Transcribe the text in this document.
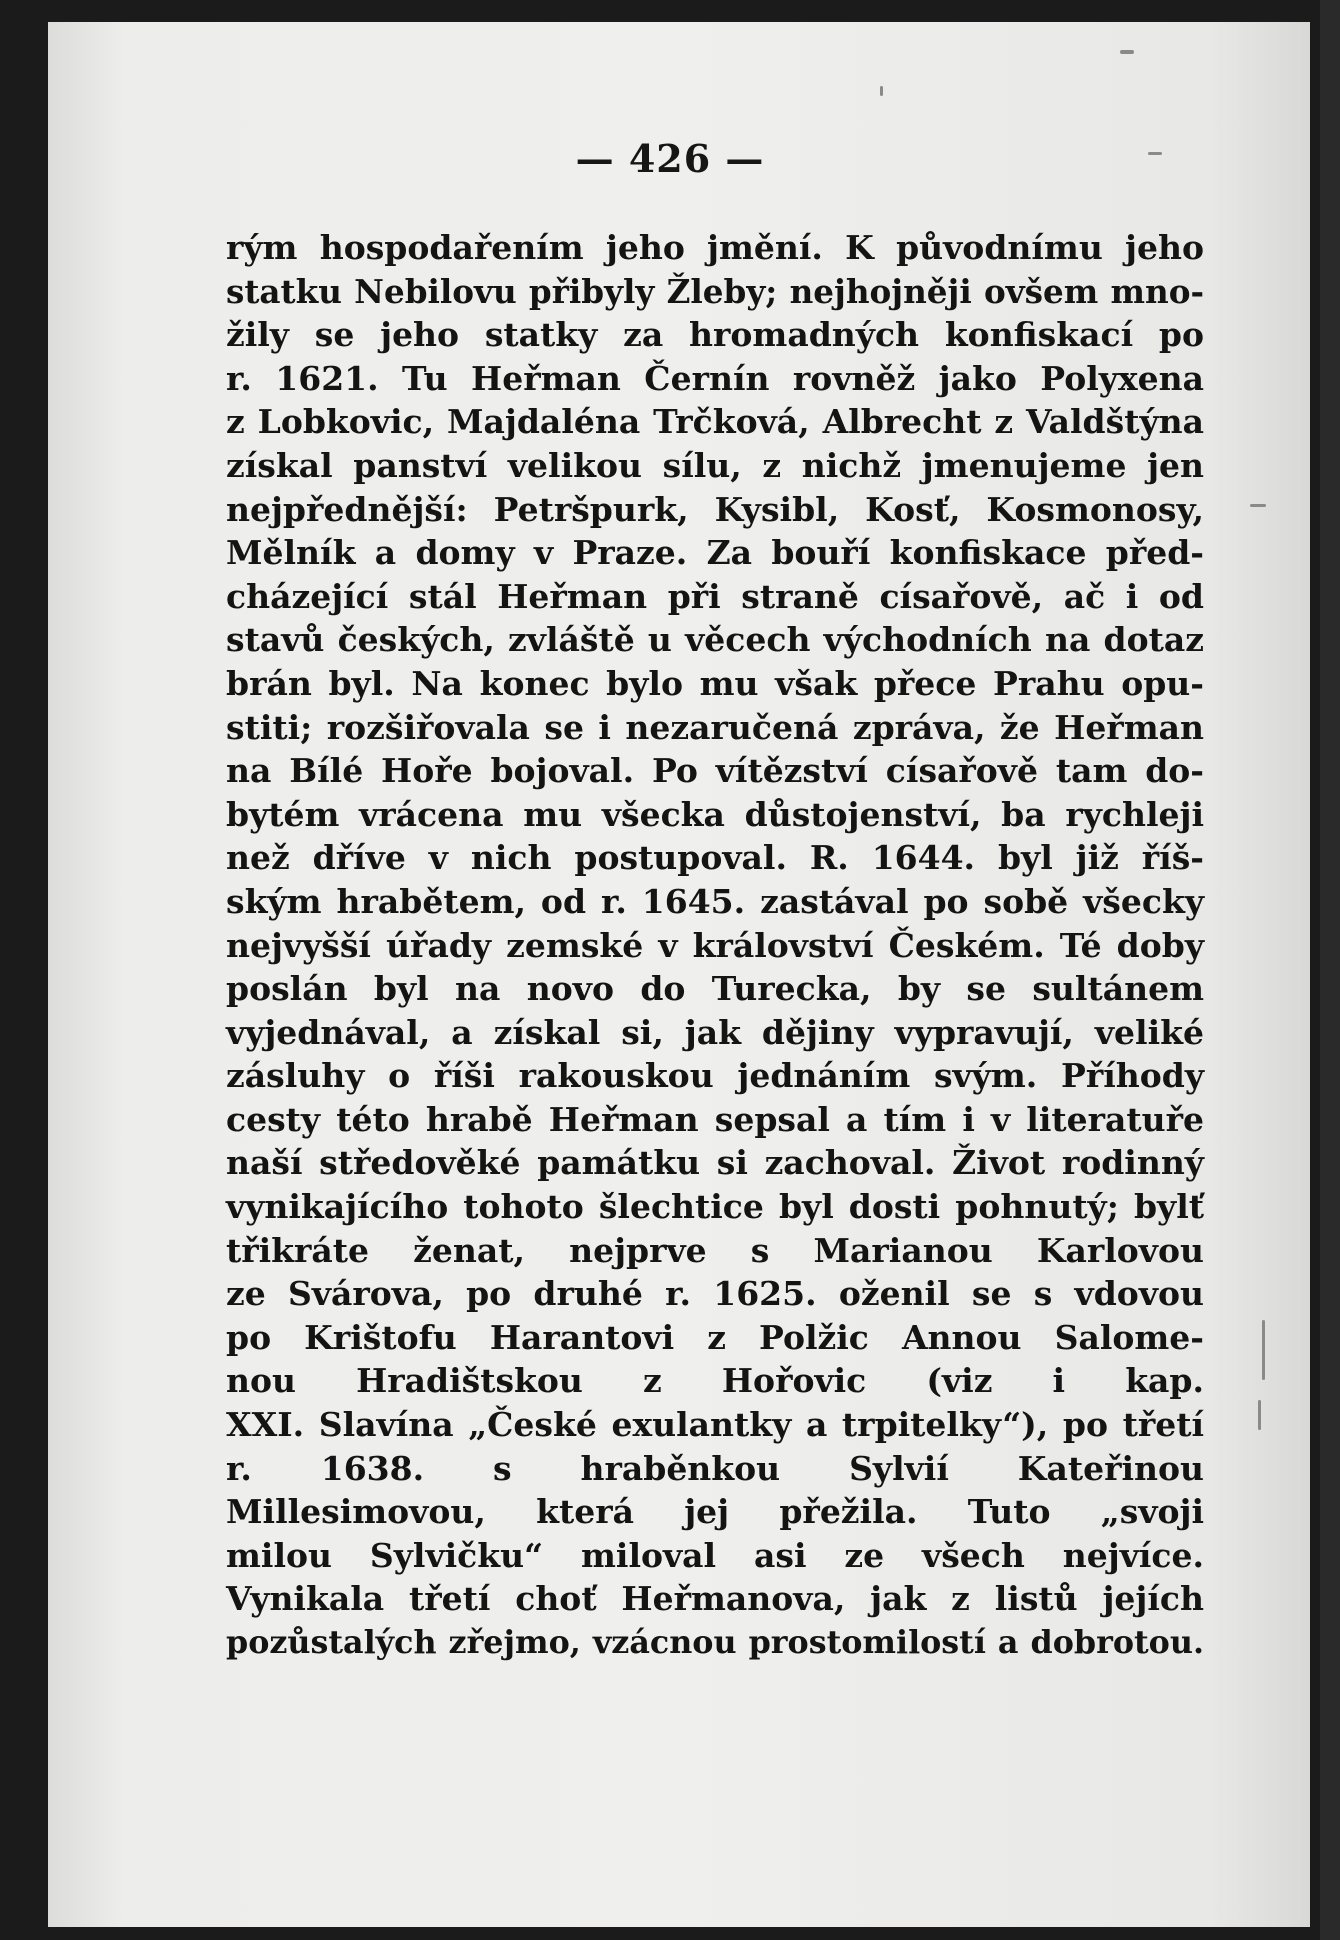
— 426 —
rým hospodařením jeho jmění. K původnímu jeho
statku Nebilovu přibyly Žleby; nejhojněji ovšem mno-
žily se jeho statky za hromadných konfiskací po
r. 1621. Tu Heřman Černín rovněž jako Polyxena
z Lobkovic, Majdaléna Trčková, Albrecht z Valdštýna
získal panství velikou sílu, z nichž jmenujeme jen
nejpřednější: Petršpurk, Kysibl, Kosť, Kosmonosy,
Mělník a domy v Praze. Za bouří konfiskace před-
cházející stál Heřman při straně císařově, ač i od
stavů českých, zvláště u věcech východních na dotaz
brán byl. Na konec bylo mu však přece Prahu opu-
stiti; rozšiřovala se i nezaručená zpráva, že Heřman
na Bílé Hoře bojoval. Po vítězství císařově tam do-
bytém vrácena mu všecka důstojenství, ba rychleji
než dříve v nich postupoval. R. 1644. byl již říš-
ským hrabětem, od r. 1645. zastával po sobě všecky
nejvyšší úřady zemské v království Českém. Té doby
poslán byl na novo do Turecka, by se sultánem
vyjednával, a získal si, jak dějiny vypravují, veliké
zásluhy o říši rakouskou jednáním svým. Příhody
cesty této hrabě Heřman sepsal a tím i v literatuře
naší středověké památku si zachoval. Život rodinný
vynikajícího tohoto šlechtice byl dosti pohnutý; bylť
třikráte ženat, nejprve s Marianou Karlovou
ze Svárova, po druhé r. 1625. oženil se s vdovou
po Krištofu Harantovi z Polžic Annou Salome-
nou Hradištskou z Hořovic (viz i kap.
XXI. Slavína „České exulantky a trpitelky“), po třetí
r. 1638. s hraběnkou Sylvií Kateřinou
Millesimovou, která jej přežila. Tuto „svoji
milou Sylvičku“ miloval asi ze všech nejvíce.
Vynikala třetí choť Heřmanova, jak z listů jejích
pozůstalých zřejmo, vzácnou prostomilostí a dobrotou.
